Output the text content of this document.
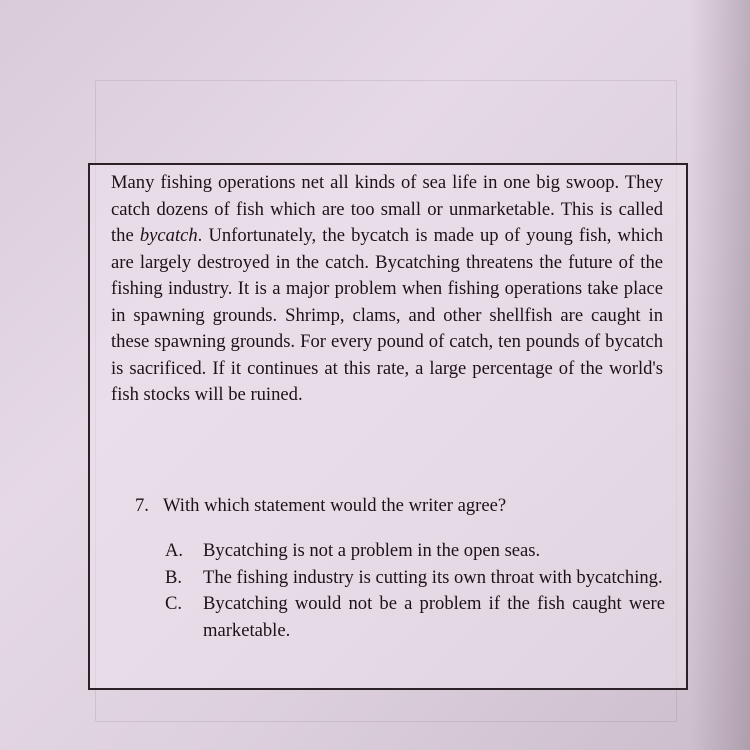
Many fishing operations net all kinds of sea life in one big swoop. They catch dozens of fish which are too small or unmarketable. This is called the bycatch. Unfortunately, the bycatch is made up of young fish, which are largely destroyed in the catch. Bycatching threatens the future of the fishing industry. It is a major problem when fishing operations take place in spawning grounds. Shrimp, clams, and other shellfish are caught in these spawning grounds. For every pound of catch, ten pounds of bycatch is sacrificed. If it continues at this rate, a large percentage of the world's fish stocks will be ruined.

7. With which statement would the writer agree?
A.	Bycatching is not a problem in the open seas.
B.	The fishing industry is cutting its own throat with bycatching.
C.	Bycatching would not be a problem if the fish caught were marketable.
